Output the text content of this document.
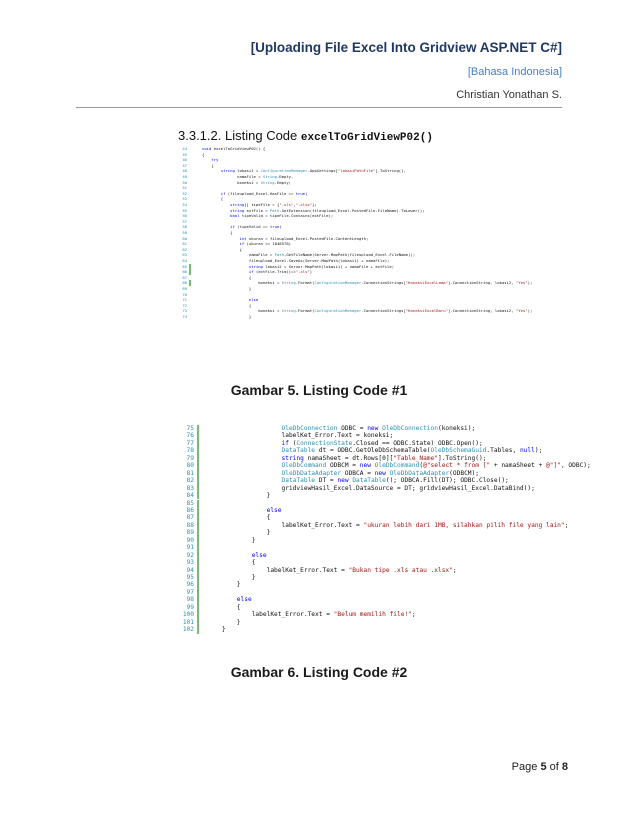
[Uploading File Excel Into Gridview ASP.NET C#]
[Bahasa Indonesia]
Christian Yonathan S.
3.3.1.2. Listing Code excelToGridViewP02()
44	void excelToGridViewP02() {
45	{
46	try
47	{
48	string lokasi1 = ConfigurationManager.AppSettings["lokasiPathFile"].ToString(),
49	namaFile = String.Empty,
50	koneksi = String.Empty;
51
52	if (fileupload_Excel.HasFile == true)
53	{
54	string[] tipeFile = {".xls",".xlsx"};
55	string extFile = Path.GetExtension(fileupload_Excel.PostedFile.FileName).ToLower();
56	bool tipeValid = tipeFile.Contains(extFile);
57
58	if (tipeValid == true)
59	{
60	int ukuran = fileupload_Excel.PostedFile.ContentLength;
61	if (ukuran <= 1048576)
62	{
63	namaFile = Path.GetFileName(Server.MapPath(fileupload_Excel.FileName));
64	fileupload_Excel.SaveAs(Server.MapPath(lokasi1) + namaFile);
65	string lokasi2 = Server.MapPath(lokasi1) + namaFile + extFile;
66	if (extFile.Trim()==".xls")
67	{
68	koneksi = String.Format(ConfigurationManager.ConnectionStrings["KoneksiExcelLama"].ConnectionString, lokasi2, "Yes");
69	}
70
71	else
72	{
73	koneksi = String.Format(ConfigurationManager.ConnectionStrings["KoneksiExcelBaru"].ConnectionString, lokasi2, "Yes");
74	}
Gambar 5. Listing Code #1
75 OleDbConnection ODBC = new OleDbConnection(koneksi);
76 labelKet_Error.Text = koneksi;
77 if (ConnectionState.Closed == ODBC.State) ODBC.Open();
78 DataTable dt = ODBC.GetOleDbSchemaTable(OleDbSchemaGuid.Tables, null);
79 string namaSheet = dt.Rows[0]["Table_Name"].ToString();
80 OleDbCommand ODBCM = new OleDbCommand(@"select * from [" + namaSheet + @"]", ODBC);
81 OleDbDataAdapter ODBCA = new OleDbDataAdapter(ODBCM);
82 DataTable DT = new DataTable(); ODBCA.Fill(DT); ODBC.Close();
83 gridviewHasil_Excel.DataSource = DT; gridviewHasil_Excel.DataBind();
84 }
85
86 else
87 {
88 labelKet_Error.Text = "ukuran lebih dari 1MB, silahkan pilih file yang lain";
89 }
90 }
91
92 else
93 {
94 labelKet_Error.Text = "Bukan tipe .xls atau .xlsx";
95 }
96 }
97
98 else
99 {
100 labelKet_Error.Text = "Belum memilih file!";
101 }
102 }
Gambar 6. Listing Code #2
Page 5 of 8
